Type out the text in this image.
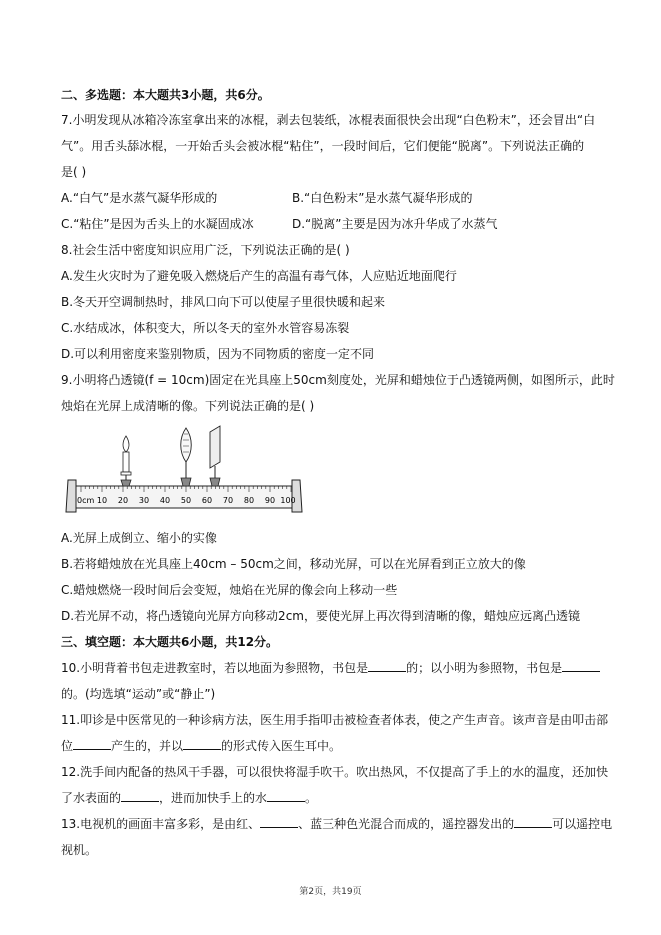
二、多选题：本大题共3小题，共6分。
7.小明发现从冰箱冷冻室拿出来的冰棍，剥去包装纸，冰棍表面很快会出现“白色粉末”，还会冒出“白
气”。用舌头舔冰棍，一开始舌头会被冰棍“粘住”，一段时间后，它们便能“脱离”。下列说法正确的
是( )
A.“白气”是水蒸气凝华形成的	B.“白色粉末”是水蒸气凝华形成的
C.“粘住”是因为舌头上的水凝固成冰	D.“脱离”主要是因为冰升华成了水蒸气
8.社会生活中密度知识应用广泛，下列说法正确的是( )
A.发生火灾时为了避免吸入燃烧后产生的高温有毒气体，人应贴近地面爬行
B.冬天开空调制热时，排风口向下可以使屋子里很快暖和起来
C.水结成冰，体积变大，所以冬天的室外水管容易冻裂
D.可以利用密度来鉴别物质，因为不同物质的密度一定不同
9.小明将凸透镜(f = 10cm)固定在光具座上50cm刻度处，光屏和蜡烛位于凸透镜两侧，如图所示，此时
烛焰在光屏上成清晰的像。下列说法正确的是( )
0cm 10 20 30 40 50 60 70 80 90 100
A.光屏上成倒立、缩小的实像
B.若将蜡烛放在光具座上40cm – 50cm之间，移动光屏，可以在光屏看到正立放大的像
C.蜡烛燃烧一段时间后会变短，烛焰在光屏的像会向上移动一些
D.若光屏不动，将凸透镜向光屏方向移动2cm，要使光屏上再次得到清晰的像，蜡烛应远离凸透镜
三、填空题：本大题共6小题，共12分。
10.小明背着书包走进教室时，若以地面为参照物，书包是	的；以小明为参照物，书包是
的。(均选填“运动”或“静止”)
11.叩诊是中医常见的一种诊病方法，医生用手指叩击被检查者体表，使之产生声音。该声音是由叩击部
位	产生的，并以	的形式传入医生耳中。
12.洗手间内配备的热风干手器，可以很快将湿手吹干。吹出热风，不仅提高了手上的水的温度，还加快
了水表面的	，进而加快手上的水	。
13.电视机的画面丰富多彩，是由红、	、蓝三种色光混合而成的，遥控器发出的	可以遥控电
视机。
第2页，共19页
